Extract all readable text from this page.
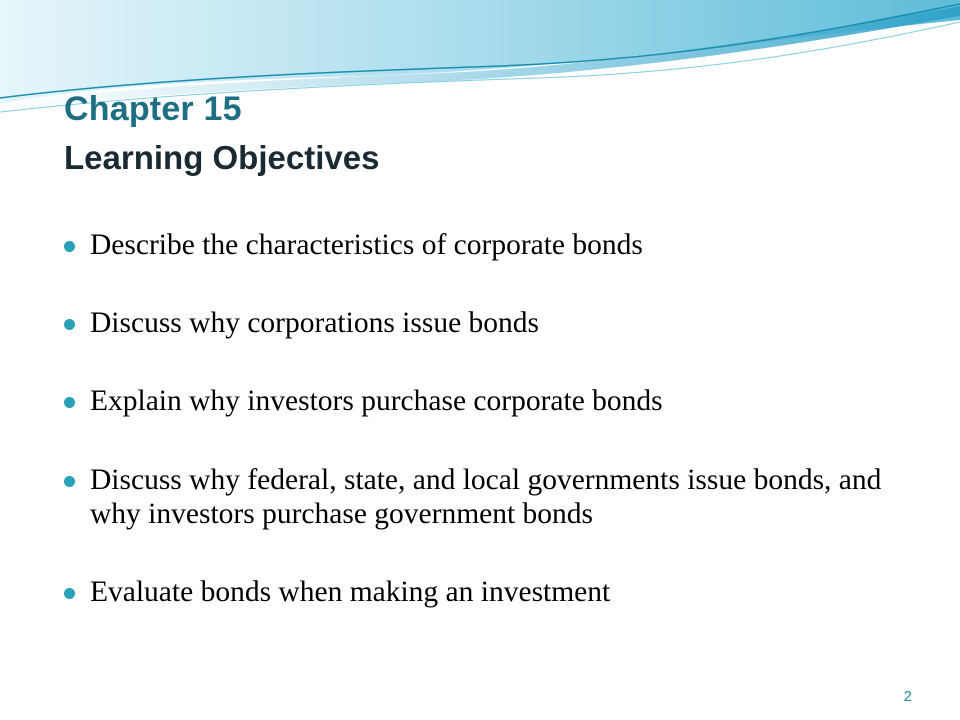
Chapter 15
Learning Objectives
Describe the characteristics of corporate bonds
Discuss why corporations issue bonds
Explain why investors purchase corporate bonds
Discuss why federal, state, and local governments issue bonds, and why investors purchase government bonds
Evaluate bonds when making an investment
2
